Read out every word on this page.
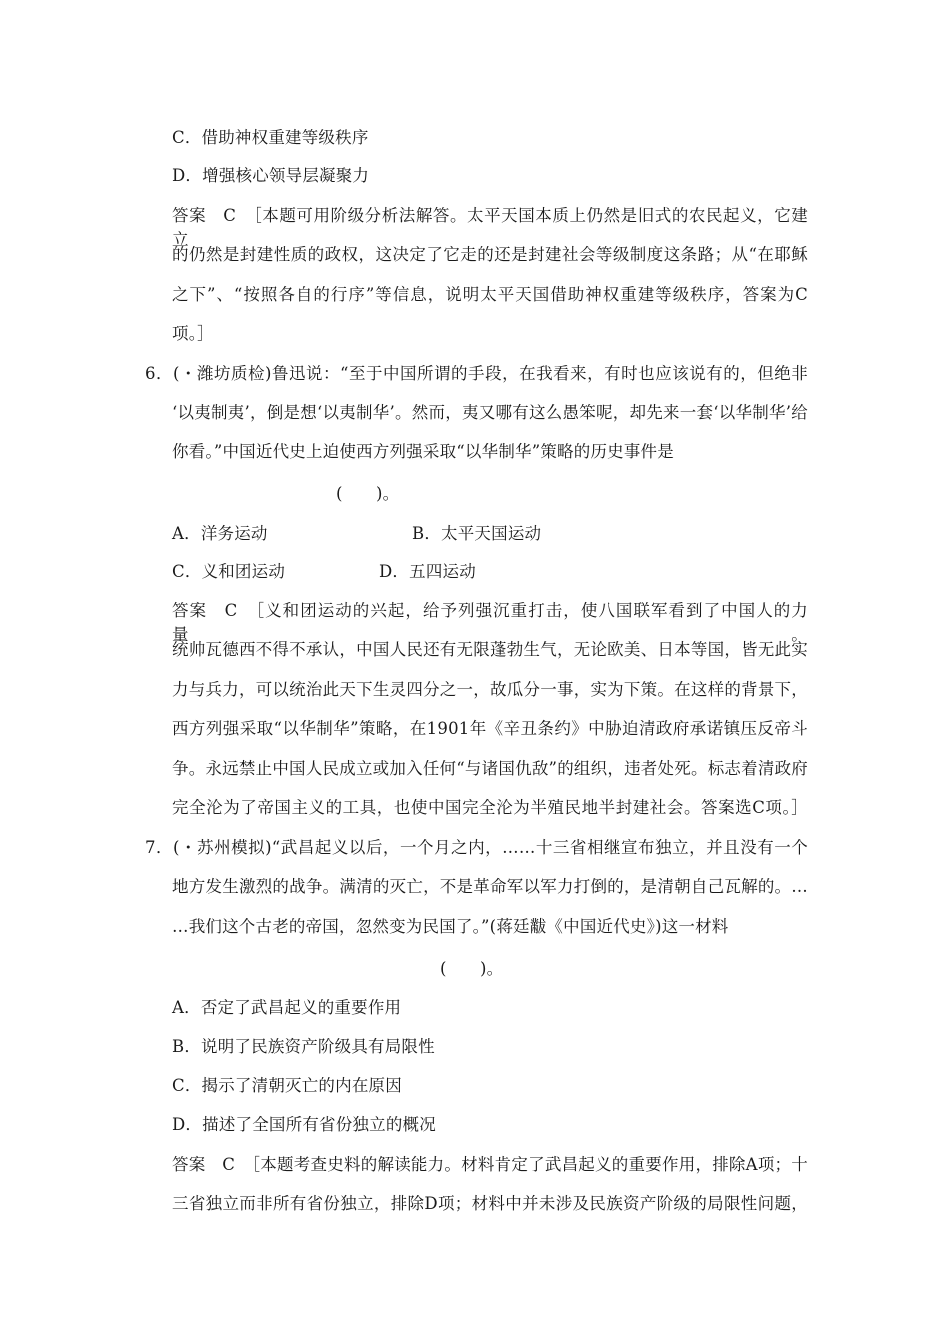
C．借助神权重建等级秩序
D．增强核心领导层凝聚力
答案　C　［本题可用阶级分析法解答。太平天国本质上仍然是旧式的农民起义，它建立
的仍然是封建性质的政权，这决定了它走的还是封建社会等级制度这条路；从“在耶稣
之下”、“按照各自的行序”等信息，说明太平天国借助神权重建等级秩序，答案为C
项。］
6．(・潍坊质检)鲁迅说：“至于中国所谓的手段，在我看来，有时也应该说有的，但绝非
‘以夷制夷’，倒是想‘以夷制华’。然而，夷又哪有这么愚笨呢，却先来一套‘以华制华’给
你看。”中国近代史上迫使西方列强采取“以华制华”策略的历史事件是
(　　)。
A．洋务运动	B．太平天国运动
C．义和团运动	D．五四运动
答案　C　［义和团运动的兴起，给予列强沉重打击，使八国联军看到了中国人的力量。
统帅瓦德西不得不承认，中国人民还有无限蓬勃生气，无论欧美、日本等国，皆无此实
力与兵力，可以统治此天下生灵四分之一，故瓜分一事，实为下策。在这样的背景下，
西方列强采取“以华制华”策略，在1901年《辛丑条约》中胁迫清政府承诺镇压反帝斗
争。永远禁止中国人民成立或加入任何“与诸国仇敌”的组织，违者处死。标志着清政府
完全沦为了帝国主义的工具，也使中国完全沦为半殖民地半封建社会。答案选C项。］
7．(・苏州模拟)“武昌起义以后，一个月之内，……十三省相继宣布独立，并且没有一个
地方发生激烈的战争。满清的灭亡，不是革命军以军力打倒的，是清朝自己瓦解的。…
…我们这个古老的帝国，忽然变为民国了。”(蒋廷黻《中国近代史》)这一材料
(　　)。
A．否定了武昌起义的重要作用
B．说明了民族资产阶级具有局限性
C．揭示了清朝灭亡的内在原因
D．描述了全国所有省份独立的概况
答案　C　［本题考查史料的解读能力。材料肯定了武昌起义的重要作用，排除A项；十
三省独立而非所有省份独立，排除D项；材料中并未涉及民族资产阶级的局限性问题，
